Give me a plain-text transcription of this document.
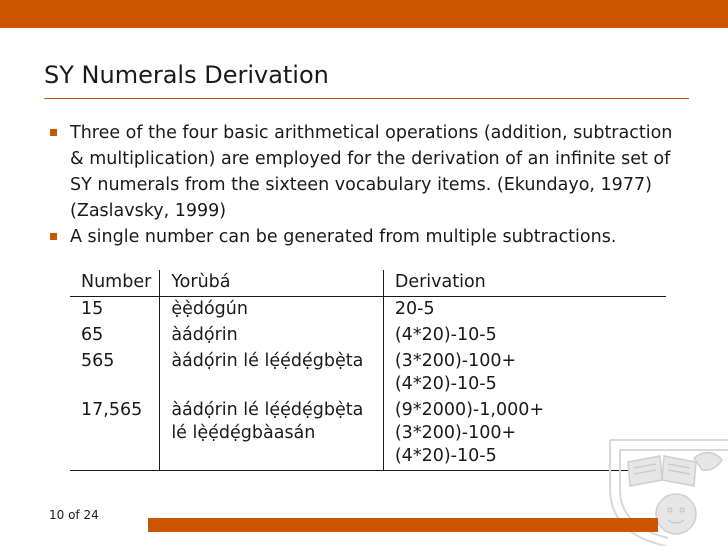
SY Numerals Derivation
Three of the four basic arithmetical operations (addition, subtraction & multiplication) are employed for the derivation of an infinite set of SY numerals from the sixteen vocabulary items. (Ekundayo, 1977)(Zaslavsky, 1999)
A single number can be generated from multiple subtractions.
Number	Yorùbá	Derivation
15	ẹ̀ẹ̀dógún	20-5

65	àádọ́rin	(4*20)-10-5

565	àádọ́rin lé lẹ́ẹ́dẹ́gbẹ̀ta	(3*200)-100+(4*20)-10-5

17,565	àádọ́rin lé lẹ́ẹ́dẹ́gbẹ̀ta lé lẹ̀ẹ́dẹ́gbàasán	(9*2000)-1,000+(3*200)-100+(4*20)-10-5
10 of 24
